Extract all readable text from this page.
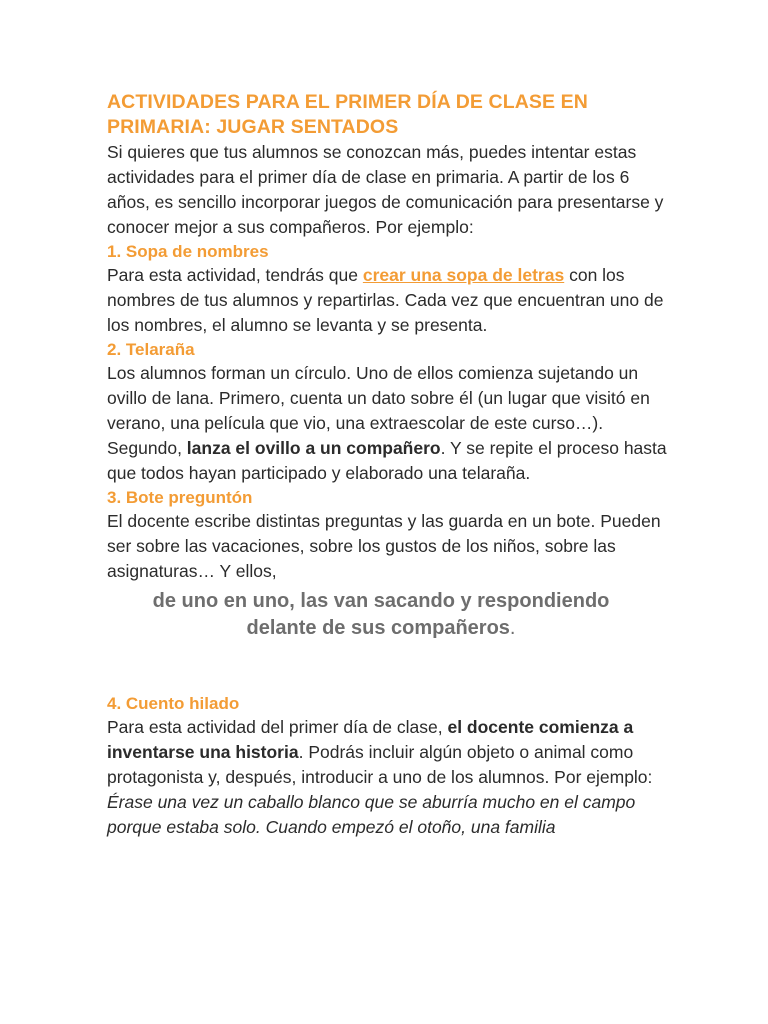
ACTIVIDADES PARA EL PRIMER DÍA DE CLASE EN PRIMARIA: JUGAR SENTADOS

Si quieres que tus alumnos se conozcan más, puedes intentar estas actividades para el primer día de clase en primaria. A partir de los 6 años, es sencillo incorporar juegos de comunicación para presentarse y conocer mejor a sus compañeros. Por ejemplo:

1. Sopa de nombres

Para esta actividad, tendrás que crear una sopa de letras con los nombres de tus alumnos y repartirlas. Cada vez que encuentran uno de los nombres, el alumno se levanta y se presenta.

2. Telaraña

Los alumnos forman un círculo. Uno de ellos comienza sujetando un ovillo de lana. Primero, cuenta un dato sobre él (un lugar que visitó en verano, una película que vio, una extraescolar de este curso…). Segundo, lanza el ovillo a un compañero. Y se repite el proceso hasta que todos hayan participado y elaborado una telaraña.

3. Bote preguntón

El docente escribe distintas preguntas y las guarda en un bote. Pueden ser sobre las vacaciones, sobre los gustos de los niños, sobre las asignaturas… Y ellos,

de uno en uno, las van sacando y respondiendo
delante de sus compañeros.

4. Cuento hilado

Para esta actividad del primer día de clase, el docente comienza a inventarse una historia. Podrás incluir algún objeto o animal como protagonista y, después, introducir a uno de los alumnos. Por ejemplo:

Érase una vez un caballo blanco que se aburría mucho en el campo porque estaba solo. Cuando empezó el otoño, una familia
